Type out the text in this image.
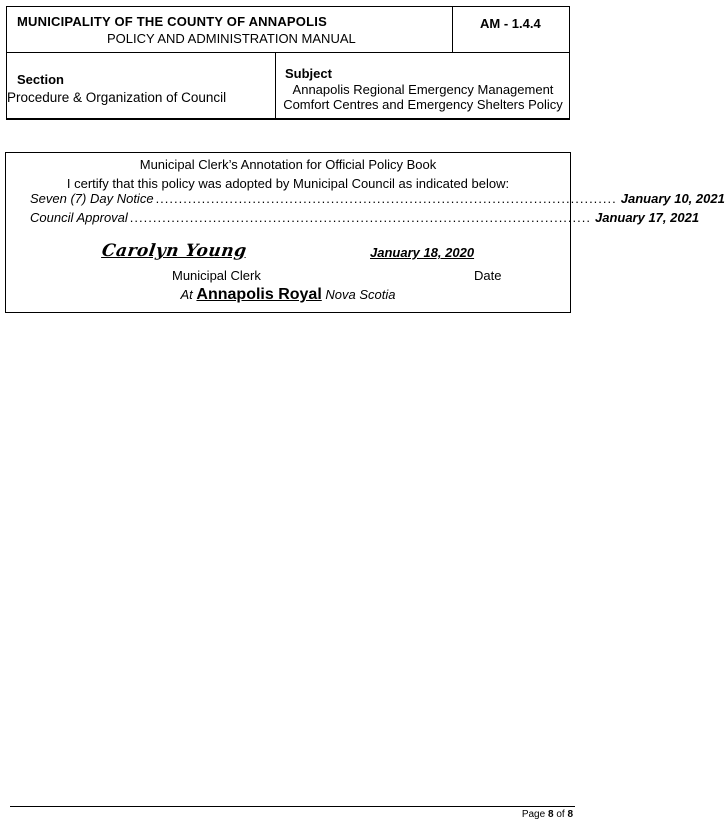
MUNICIPALITY OF THE COUNTY OF ANNAPOLIS
POLICY AND ADMINISTRATION MANUAL
AM - 1.4.4
Section
Procedure & Organization of Council
Subject
Annapolis Regional Emergency Management
Comfort Centres and Emergency Shelters Policy
Municipal Clerk’s Annotation for Official Policy Book
I certify that this policy was adopted by Municipal Council as indicated below:
Seven (7) Day Notice .................................................................................................... January 10, 2021
Council Approval .................................................................................................... January 17, 2021
Carolyn Young	January 18, 2020
Municipal Clerk	Date
At Annapolis Royal Nova Scotia
Page 8 of 8
